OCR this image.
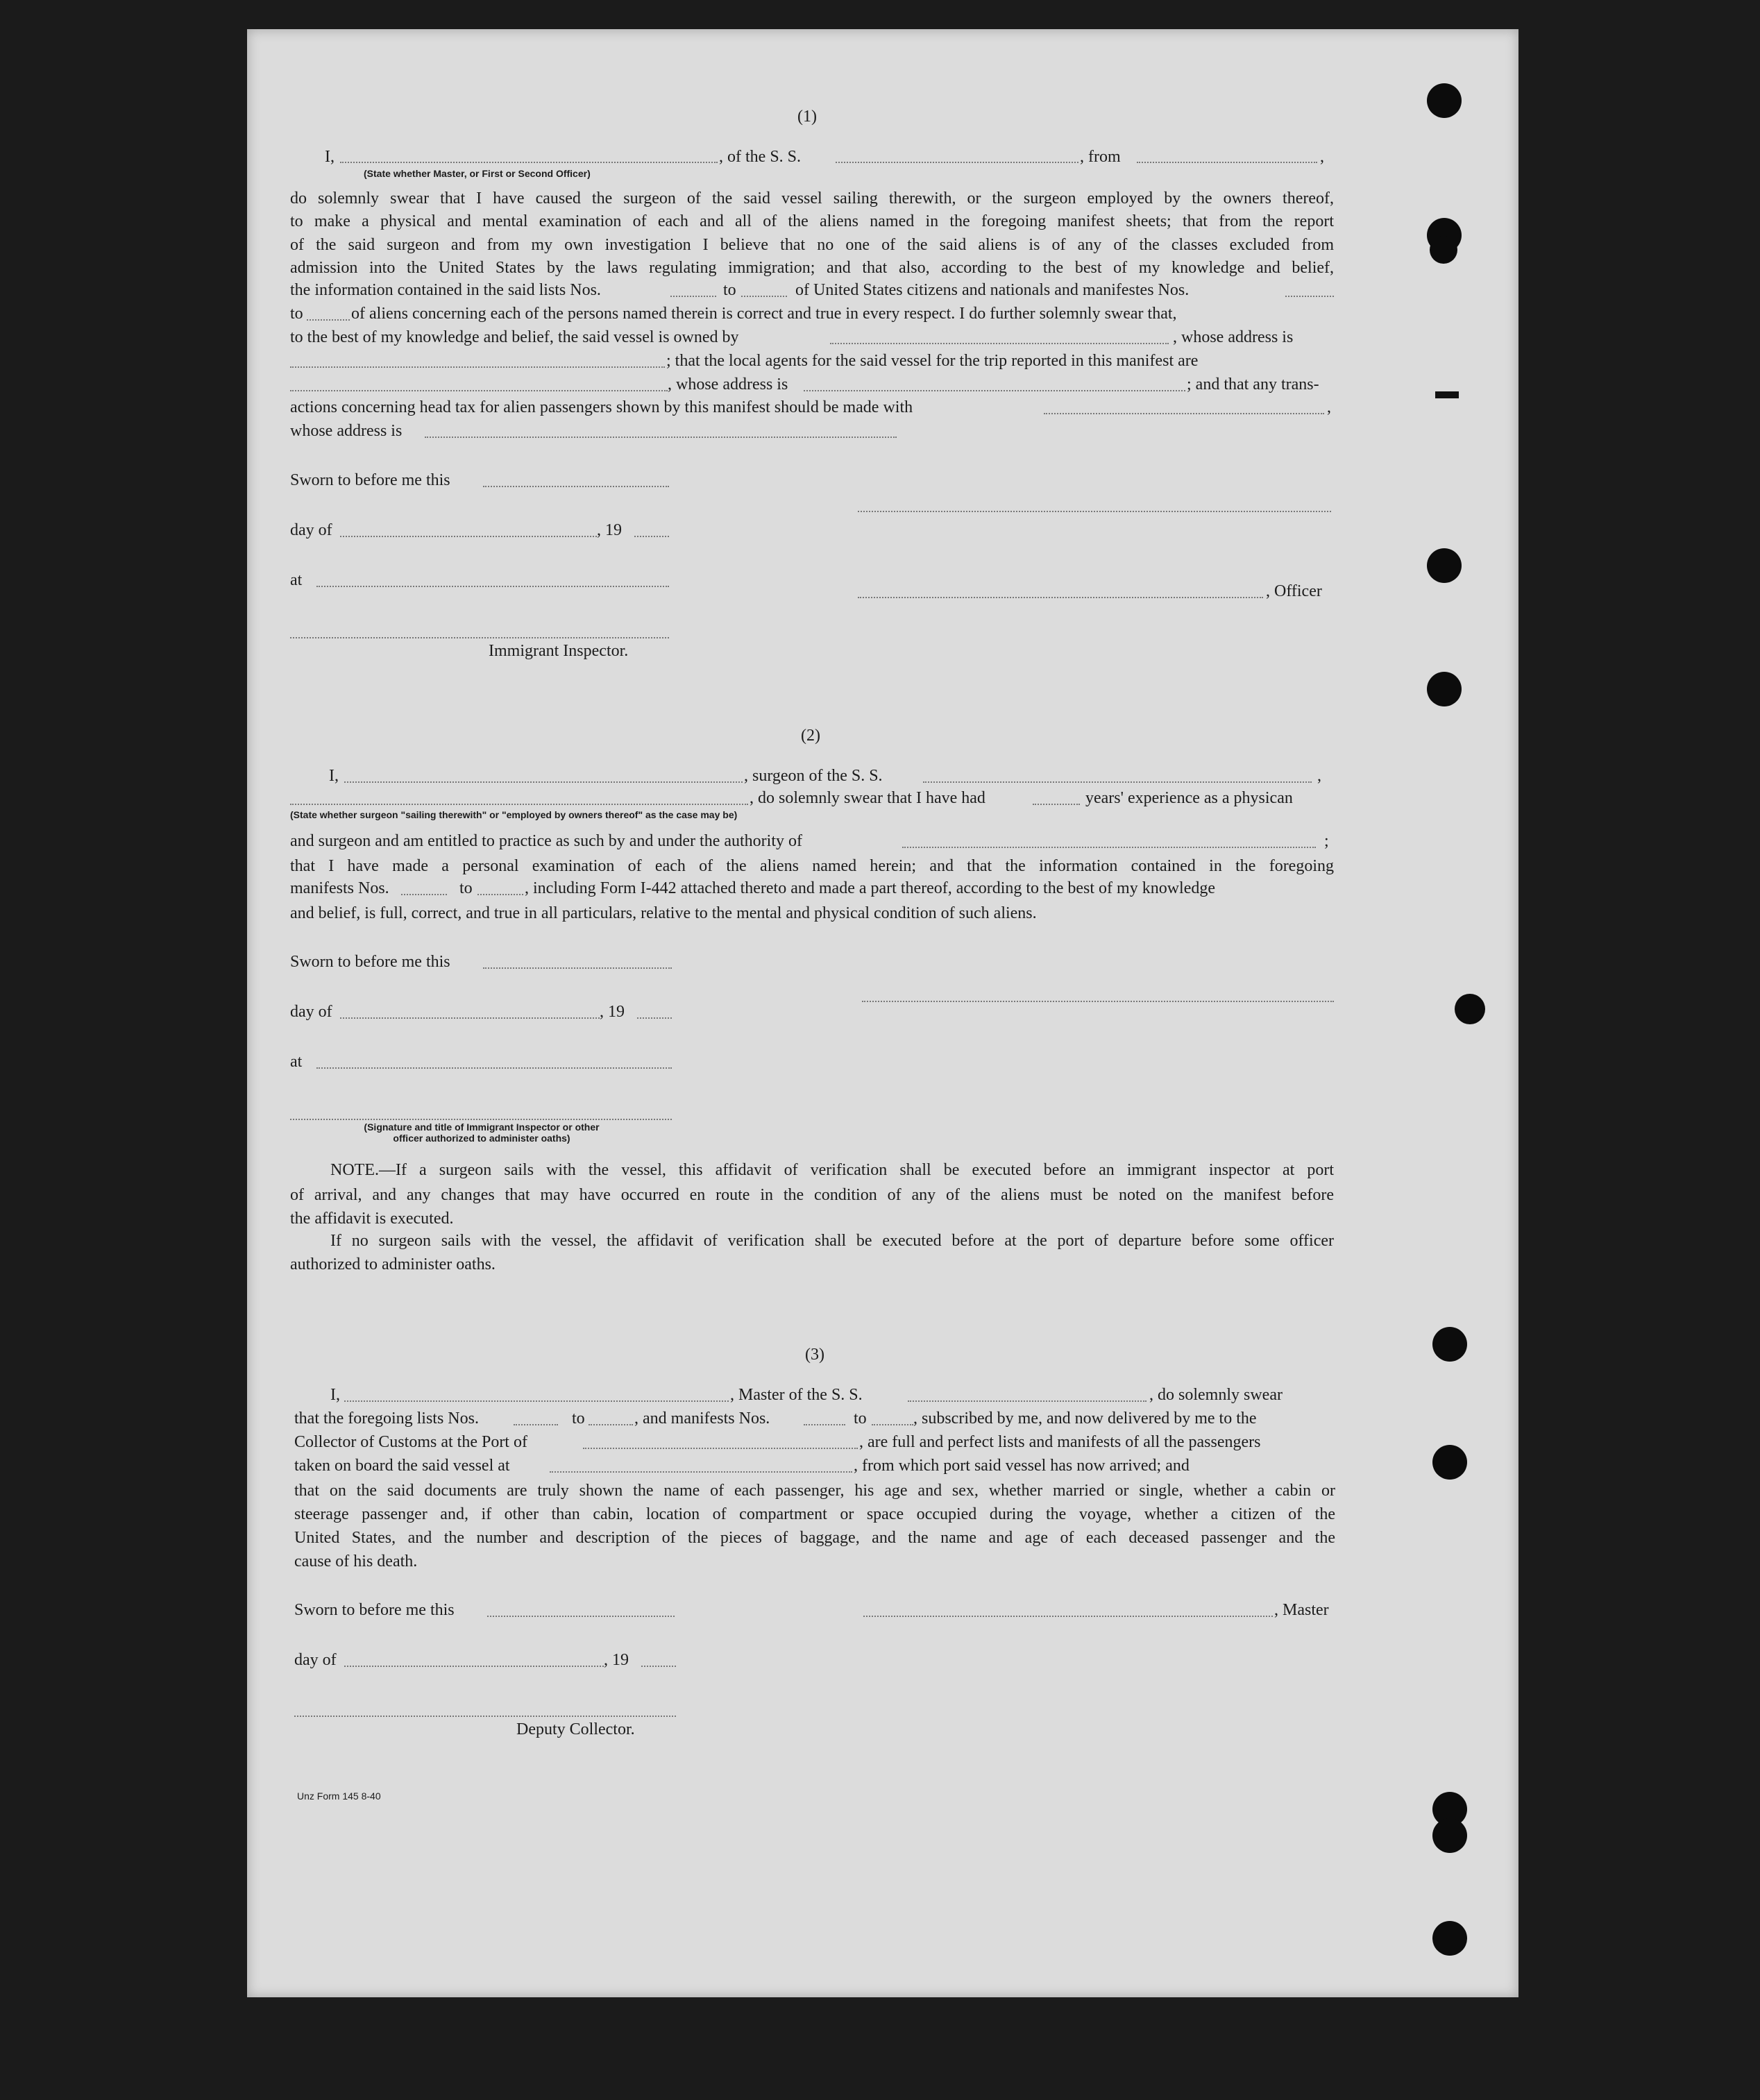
(1)
I,	, of the S. S.	, from	,
(State whether Master, or First or Second Officer)
do solemnly swear that I have caused the surgeon of the said vessel sailing therewith, or the surgeon employed by the owners thereof,
to make a physical and mental examination of each and all of the aliens named in the foregoing manifest sheets; that from the report
of the said surgeon and from my own investigation I believe that no one of the said aliens is of any of the classes excluded from
admission into the United States by the laws regulating immigration; and that also, according to the best of my knowledge and belief,
the information contained in the said lists Nos.	to	of United States citizens and nationals and manifestes Nos.
to	of aliens concerning each of the persons named therein is correct and true in every respect. I do further solemnly swear that,
to the best of my knowledge and belief, the said vessel is owned by	, whose address is
; that the local agents for the said vessel for the trip reported in this manifest are
, whose address is	; and that any trans-
actions concerning head tax for alien passengers shown by this manifest should be made with	,
whose address is
Sworn to before me this
day of	, 19
at
, Officer
Immigrant Inspector.
(2)
I,	, surgeon of the S. S.	,
, do solemnly swear that I have had	years' experience as a physican
(State whether surgeon "sailing therewith" or "employed by owners thereof" as the case may be)
and surgeon and am entitled to practice as such by and under the authority of	;
that I have made a personal examination of each of the aliens named herein; and that the information contained in the foregoing
manifests Nos.	to	, including Form I-442 attached thereto and made a part thereof, according to the best of my knowledge
and belief, is full, correct, and true in all particulars, relative to the mental and physical condition of such aliens.
Sworn to before me this
day of	, 19
at
(Signature and title of Immigrant Inspector or other
officer authorized to administer oaths)
NOTE.—If a surgeon sails with the vessel, this affidavit of verification shall be executed before an immigrant inspector at port
of arrival, and any changes that may have occurred en route in the condition of any of the aliens must be noted on the manifest before
the affidavit is executed.
If no surgeon sails with the vessel, the affidavit of verification shall be executed before at the port of departure before some officer
authorized to administer oaths.
(3)
I,	, Master of the S. S.	, do solemnly swear
that the foregoing lists Nos.	to	, and manifests Nos.	to	, subscribed by me, and now delivered by me to the
Collector of Customs at the Port of	, are full and perfect lists and manifests of all the passengers
taken on board the said vessel at	, from which port said vessel has now arrived; and
that on the said documents are truly shown the name of each passenger, his age and sex, whether married or single, whether a cabin or
steerage passenger and, if other than cabin, location of compartment or space occupied during the voyage, whether a citizen of the
United States, and the number and description of the pieces of baggage, and the name and age of each deceased passenger and the
cause of his death.
Sworn to before me this	, Master
day of	, 19
Deputy Collector.
Unz Form 145 8-40
